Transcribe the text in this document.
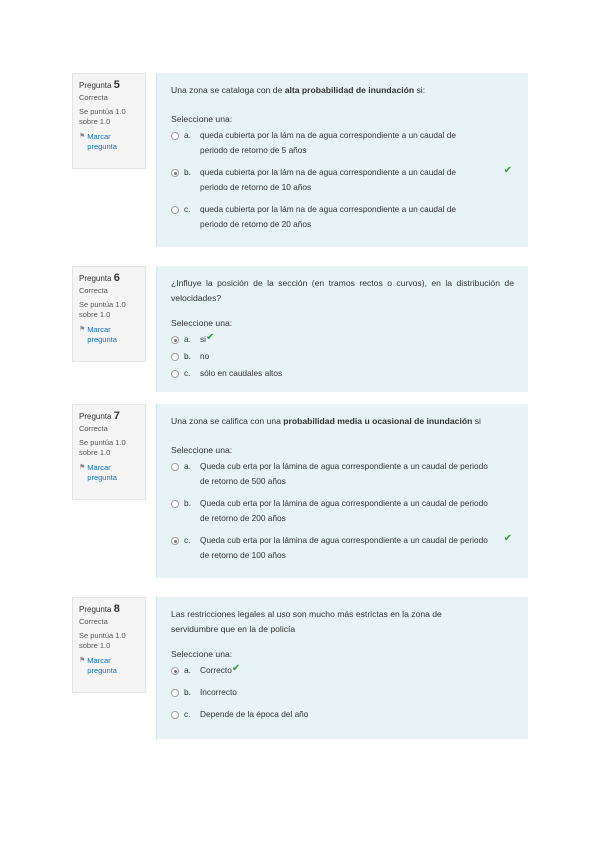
Pregunta 5
Correcta
Se puntúa 1.0
sobre 1.0
⚑ Marcar
pregunta
Una zona se cataloga con de alta probabilidad de inundación si:
Seleccione una:
a.	queda cubierta por la lám na de agua correspondiente a un caudal de periodo de retorno de 5 años
b.	queda cubierta por la lám na de agua correspondiente a un caudal de periodo de retorno de 10 años
✔
c.	queda cubierta por la lám na de agua correspondiente a un caudal de periodo de retorno de 20 años
Pregunta 6
Correcta
Se puntúa 1.0
sobre 1.0
⚑ Marcar
pregunta
¿Influye la posición de la sección (en tramos rectos o curvos), en la distribución de velocidades?
Seleccione una:
a.	si ✔
b.	no
c.	sólo en caudales altos
Pregunta 7
Correcta
Se puntúa 1.0
sobre 1.0
⚑ Marcar
pregunta
Una zona se califica con una probabilidad media u ocasional de inundación si
Seleccione una:
a.	Queda cub erta por la lámina de agua correspondiente a un caudal de periodo de retorno de 500 años
b.	Queda cub erta por la lámina de agua correspondiente a un caudal de periodo de retorno de 200 años
c.	Queda cub erta por la lámina de agua correspondiente a un caudal de periodo de retorno de 100 años
✔
Pregunta 8
Correcta
Se puntúa 1.0
sobre 1.0
⚑ Marcar
pregunta
Las restricciones legales al uso son mucho más estrictas en la zona de servidumbre que en la de policía
Seleccione una:
a.	Correcto ✔
b.	Incorrecto
c.	Depende de la época del año
